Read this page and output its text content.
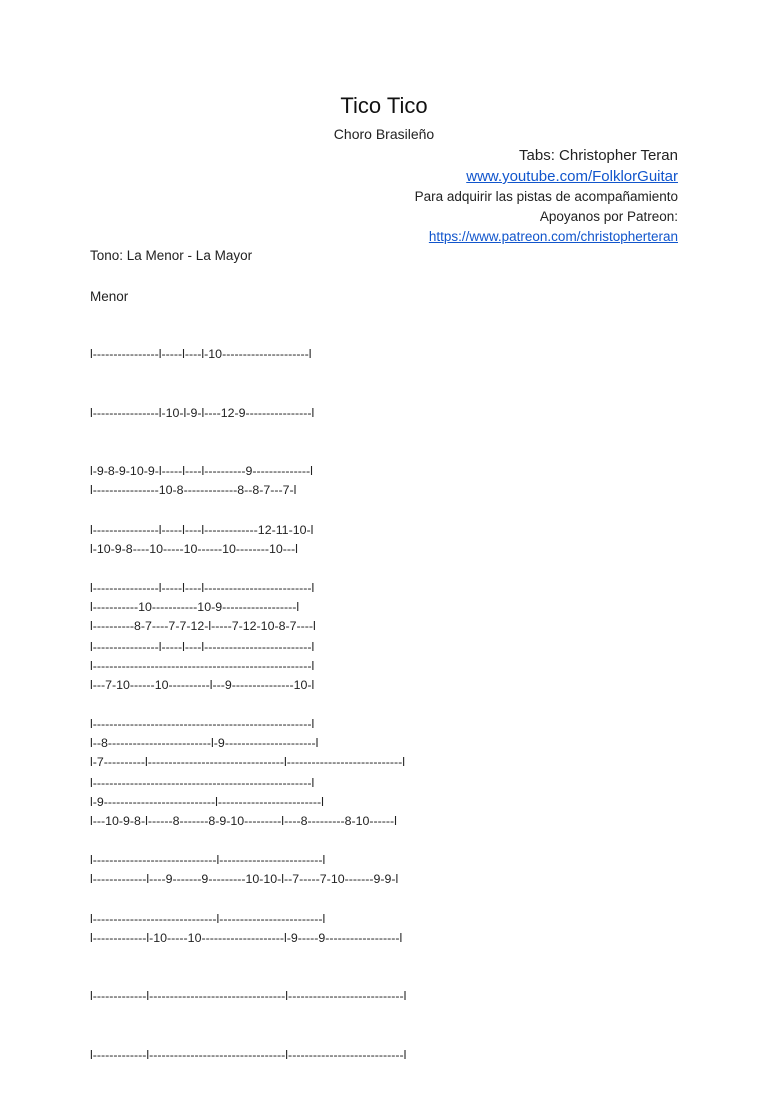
Tico Tico
Choro Brasileño
Tabs: Christopher Teran
www.youtube.com/FolklorGuitar
Para adquirir las pistas de acompañamiento
Apoyanos por Patreon:
https://www.patreon.com/christopherteran
Tono: La Menor - La Mayor
Menor

l----------------l-----l----l-10---------------------l

l----------------l-10-l-9-l----12-9----------------l

l-9-8-9-10-9-l-----l----l----------9--------------l

l----------------l-----l----l-------------12-11-10-l

l----------------l-----l----l--------------------------l

l----------------l-----l----l--------------------------l

l----------------10-8-------------8--8-7---7-l

l-10-9-8----10-----10------10--------10---l

l-----------10-----------10-9------------------l

l-----------------------------------------------------l

l-----------------------------------------------------l

l-----------------------------------------------------l

l----------8-7----7-7-12-l-----7-12-10-8-7----l

l---7-10------10----------l---9---------------10-l

l--8-------------------------l-9----------------------l

l-9---------------------------l-------------------------l

l------------------------------l-------------------------l

l------------------------------l-------------------------l

l-7----------l---------------------------------l----------------------------l

l---10-9-8-l------8-------8-9-10---------l----8---------8-10------l

l-------------l----9-------9---------10-10-l--7-----7-10-------9-9-l

l-------------l-10-----10--------------------l-9-----9------------------l

l-------------l---------------------------------l----------------------------l

l-------------l---------------------------------l----------------------------l
